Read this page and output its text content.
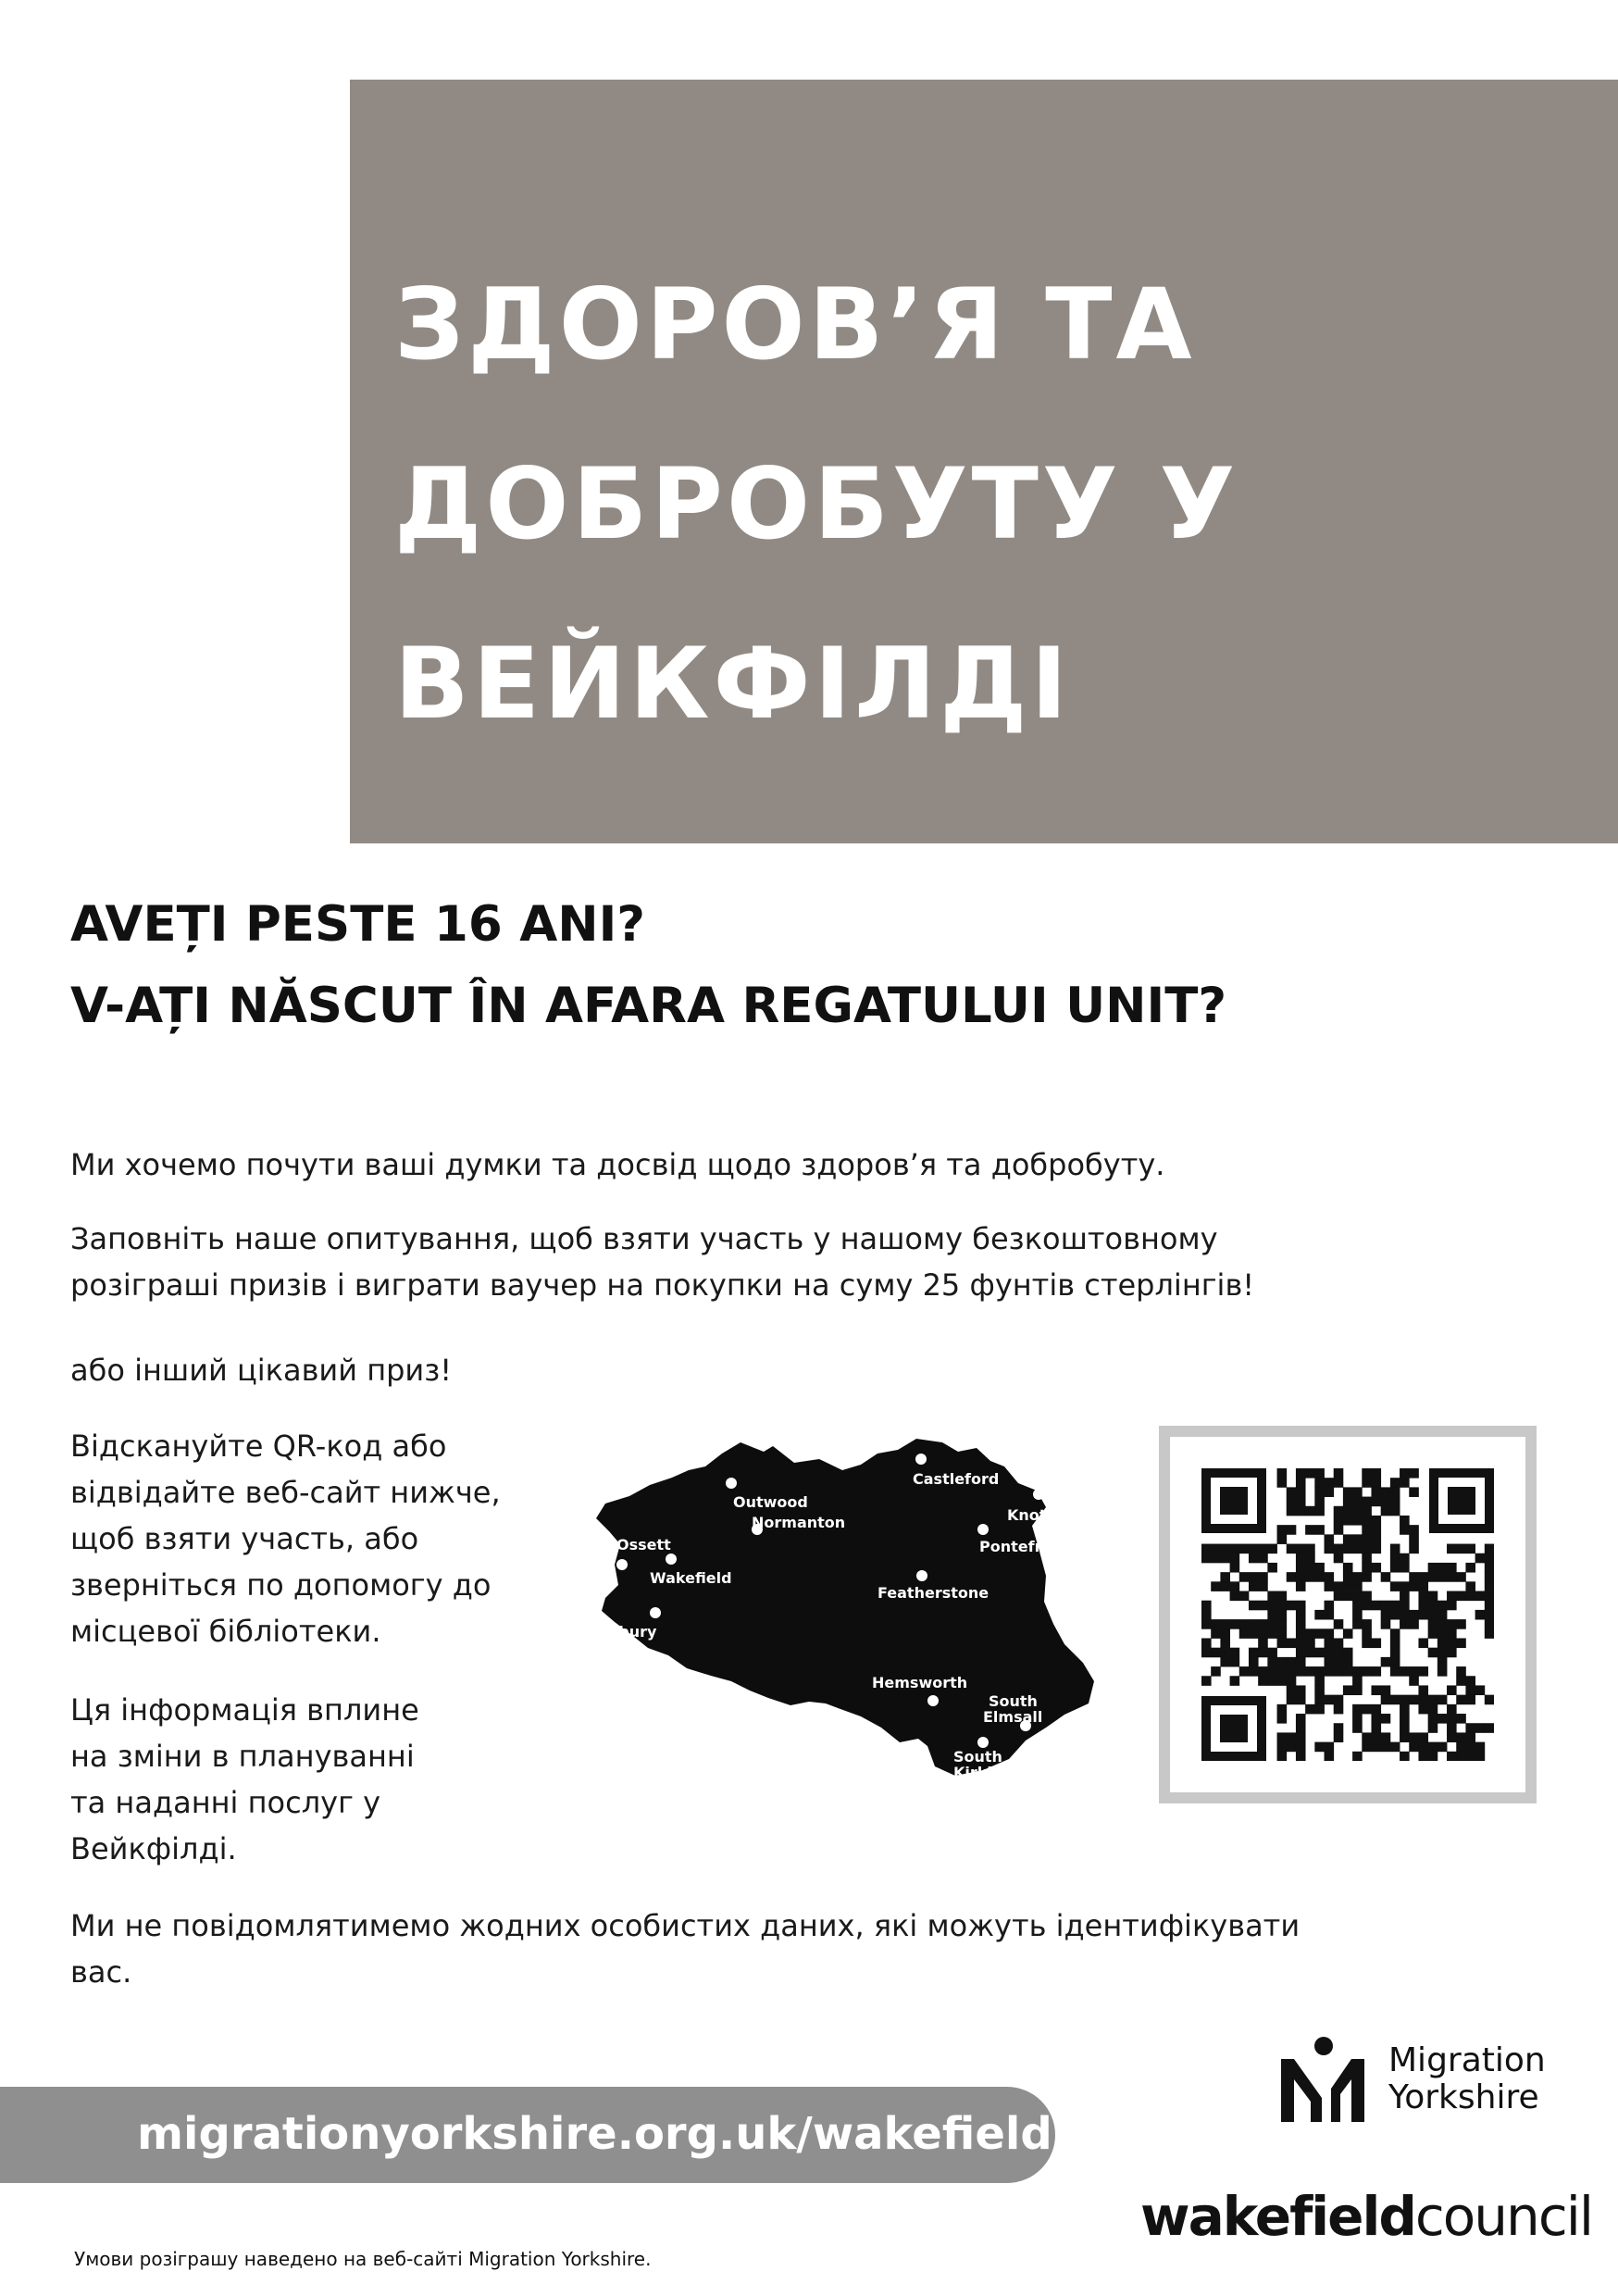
ЗДОРОВ’Я ТА
ДОБРОБУТУ У
ВЕЙКФІЛДІ
AVEȚI PESTE 16 ANI?
V-AȚI NĂSCUT ÎN AFARA REGATULUI UNIT?

Ми хочемо почути ваші думки та досвід щодо здоров’я та добробуту.

Заповніть наше опитування, щоб взяти участь у нашому безкоштовному
розіграші призів і виграти ваучер на покупки на суму 25 фунтів стерлінгів!

або інший цікавий приз!

Відскануйте QR-код або
відвідайте веб-сайт нижче,
щоб взяти участь, або
зверніться по допомогу до
місцевої бібліотеки.

Ця інформація вплине
на зміни в плануванні
та наданні послуг у
Вейкфілді.

Ми не повідомлятимемо жодних особистих даних, які можуть ідентифікувати
вас.

Castleford
Outwood
Knottingley
Normanton
Ossett	Pontefract
Wakefield
Featherstone
Horbury
Hemsworth
South
Elmsall
South
Kirkby
migrationyorkshire.org.uk/wakefield
Умови розіграшу наведено на веб-сайті Migration Yorkshire.
Migration
Yorkshire
wakefieldcouncil
